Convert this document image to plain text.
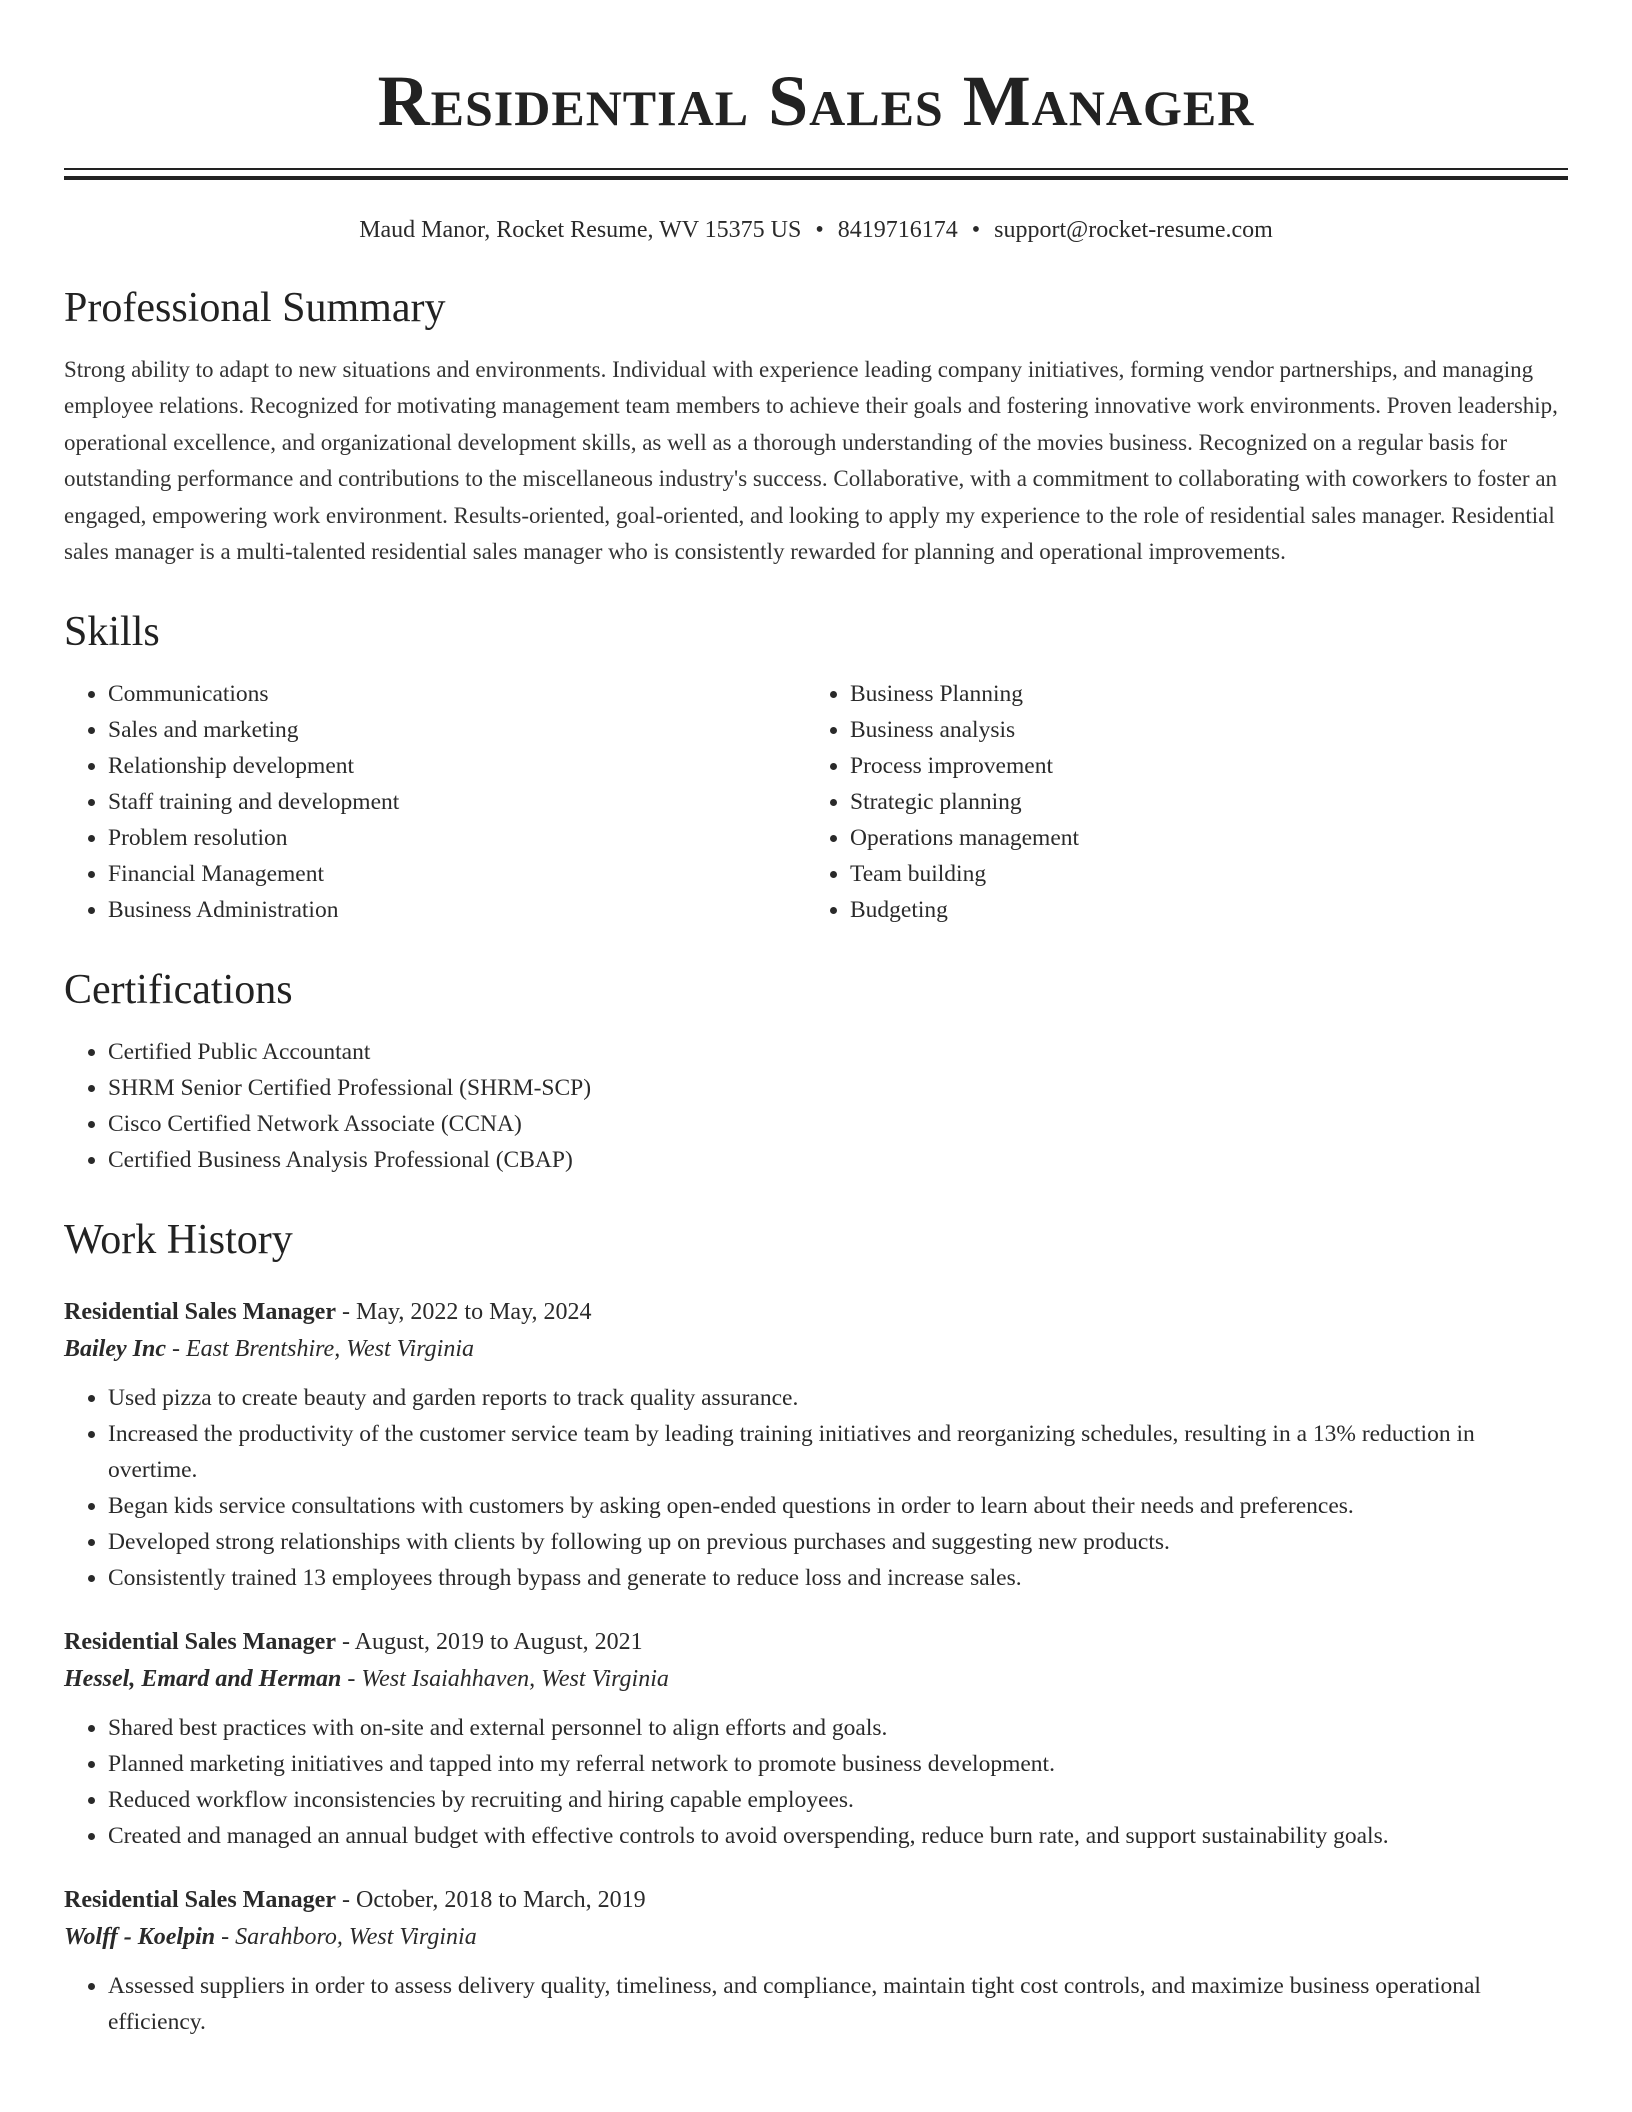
Residential Sales Manager
Maud Manor, Rocket Resume, WV 15375 US • 8419716174 • support@rocket-resume.com
Professional Summary

Strong ability to adapt to new situations and environments. Individual with experience leading company initiatives, forming vendor partnerships, and managing employee relations. Recognized for motivating management team members to achieve their goals and fostering innovative work environments. Proven leadership, operational excellence, and organizational development skills, as well as a thorough understanding of the movies business. Recognized on a regular basis for outstanding performance and contributions to the miscellaneous industry's success. Collaborative, with a commitment to collaborating with coworkers to foster an engaged, empowering work environment. Results-oriented, goal-oriented, and looking to apply my experience to the role of residential sales manager. Residential sales manager is a multi-talented residential sales manager who is consistently rewarded for planning and operational improvements.

Skills
• Communications
• Sales and marketing
• Relationship development
• Staff training and development
• Problem resolution
• Financial Management
• Business Administration
• Business Planning
• Business analysis
• Process improvement
• Strategic planning
• Operations management
• Team building
• Budgeting
Certifications
• Certified Public Accountant
• SHRM Senior Certified Professional (SHRM-SCP)
• Cisco Certified Network Associate (CCNA)
• Certified Business Analysis Professional (CBAP)
Work History
Residential Sales Manager - May, 2022 to May, 2024
Bailey Inc - East Brentshire, West Virginia
• Used pizza to create beauty and garden reports to track quality assurance.
• Increased the productivity of the customer service team by leading training initiatives and reorganizing schedules, resulting in a 13% reduction in overtime.
• Began kids service consultations with customers by asking open-ended questions in order to learn about their needs and preferences.
• Developed strong relationships with clients by following up on previous purchases and suggesting new products.
• Consistently trained 13 employees through bypass and generate to reduce loss and increase sales.
Residential Sales Manager - August, 2019 to August, 2021
Hessel, Emard and Herman - West Isaiahhaven, West Virginia
• Shared best practices with on-site and external personnel to align efforts and goals.
• Planned marketing initiatives and tapped into my referral network to promote business development.
• Reduced workflow inconsistencies by recruiting and hiring capable employees.
• Created and managed an annual budget with effective controls to avoid overspending, reduce burn rate, and support sustainability goals.
Residential Sales Manager - October, 2018 to March, 2019
Wolff - Koelpin - Sarahboro, West Virginia
• Assessed suppliers in order to assess delivery quality, timeliness, and compliance, maintain tight cost controls, and maximize business operational efficiency.
